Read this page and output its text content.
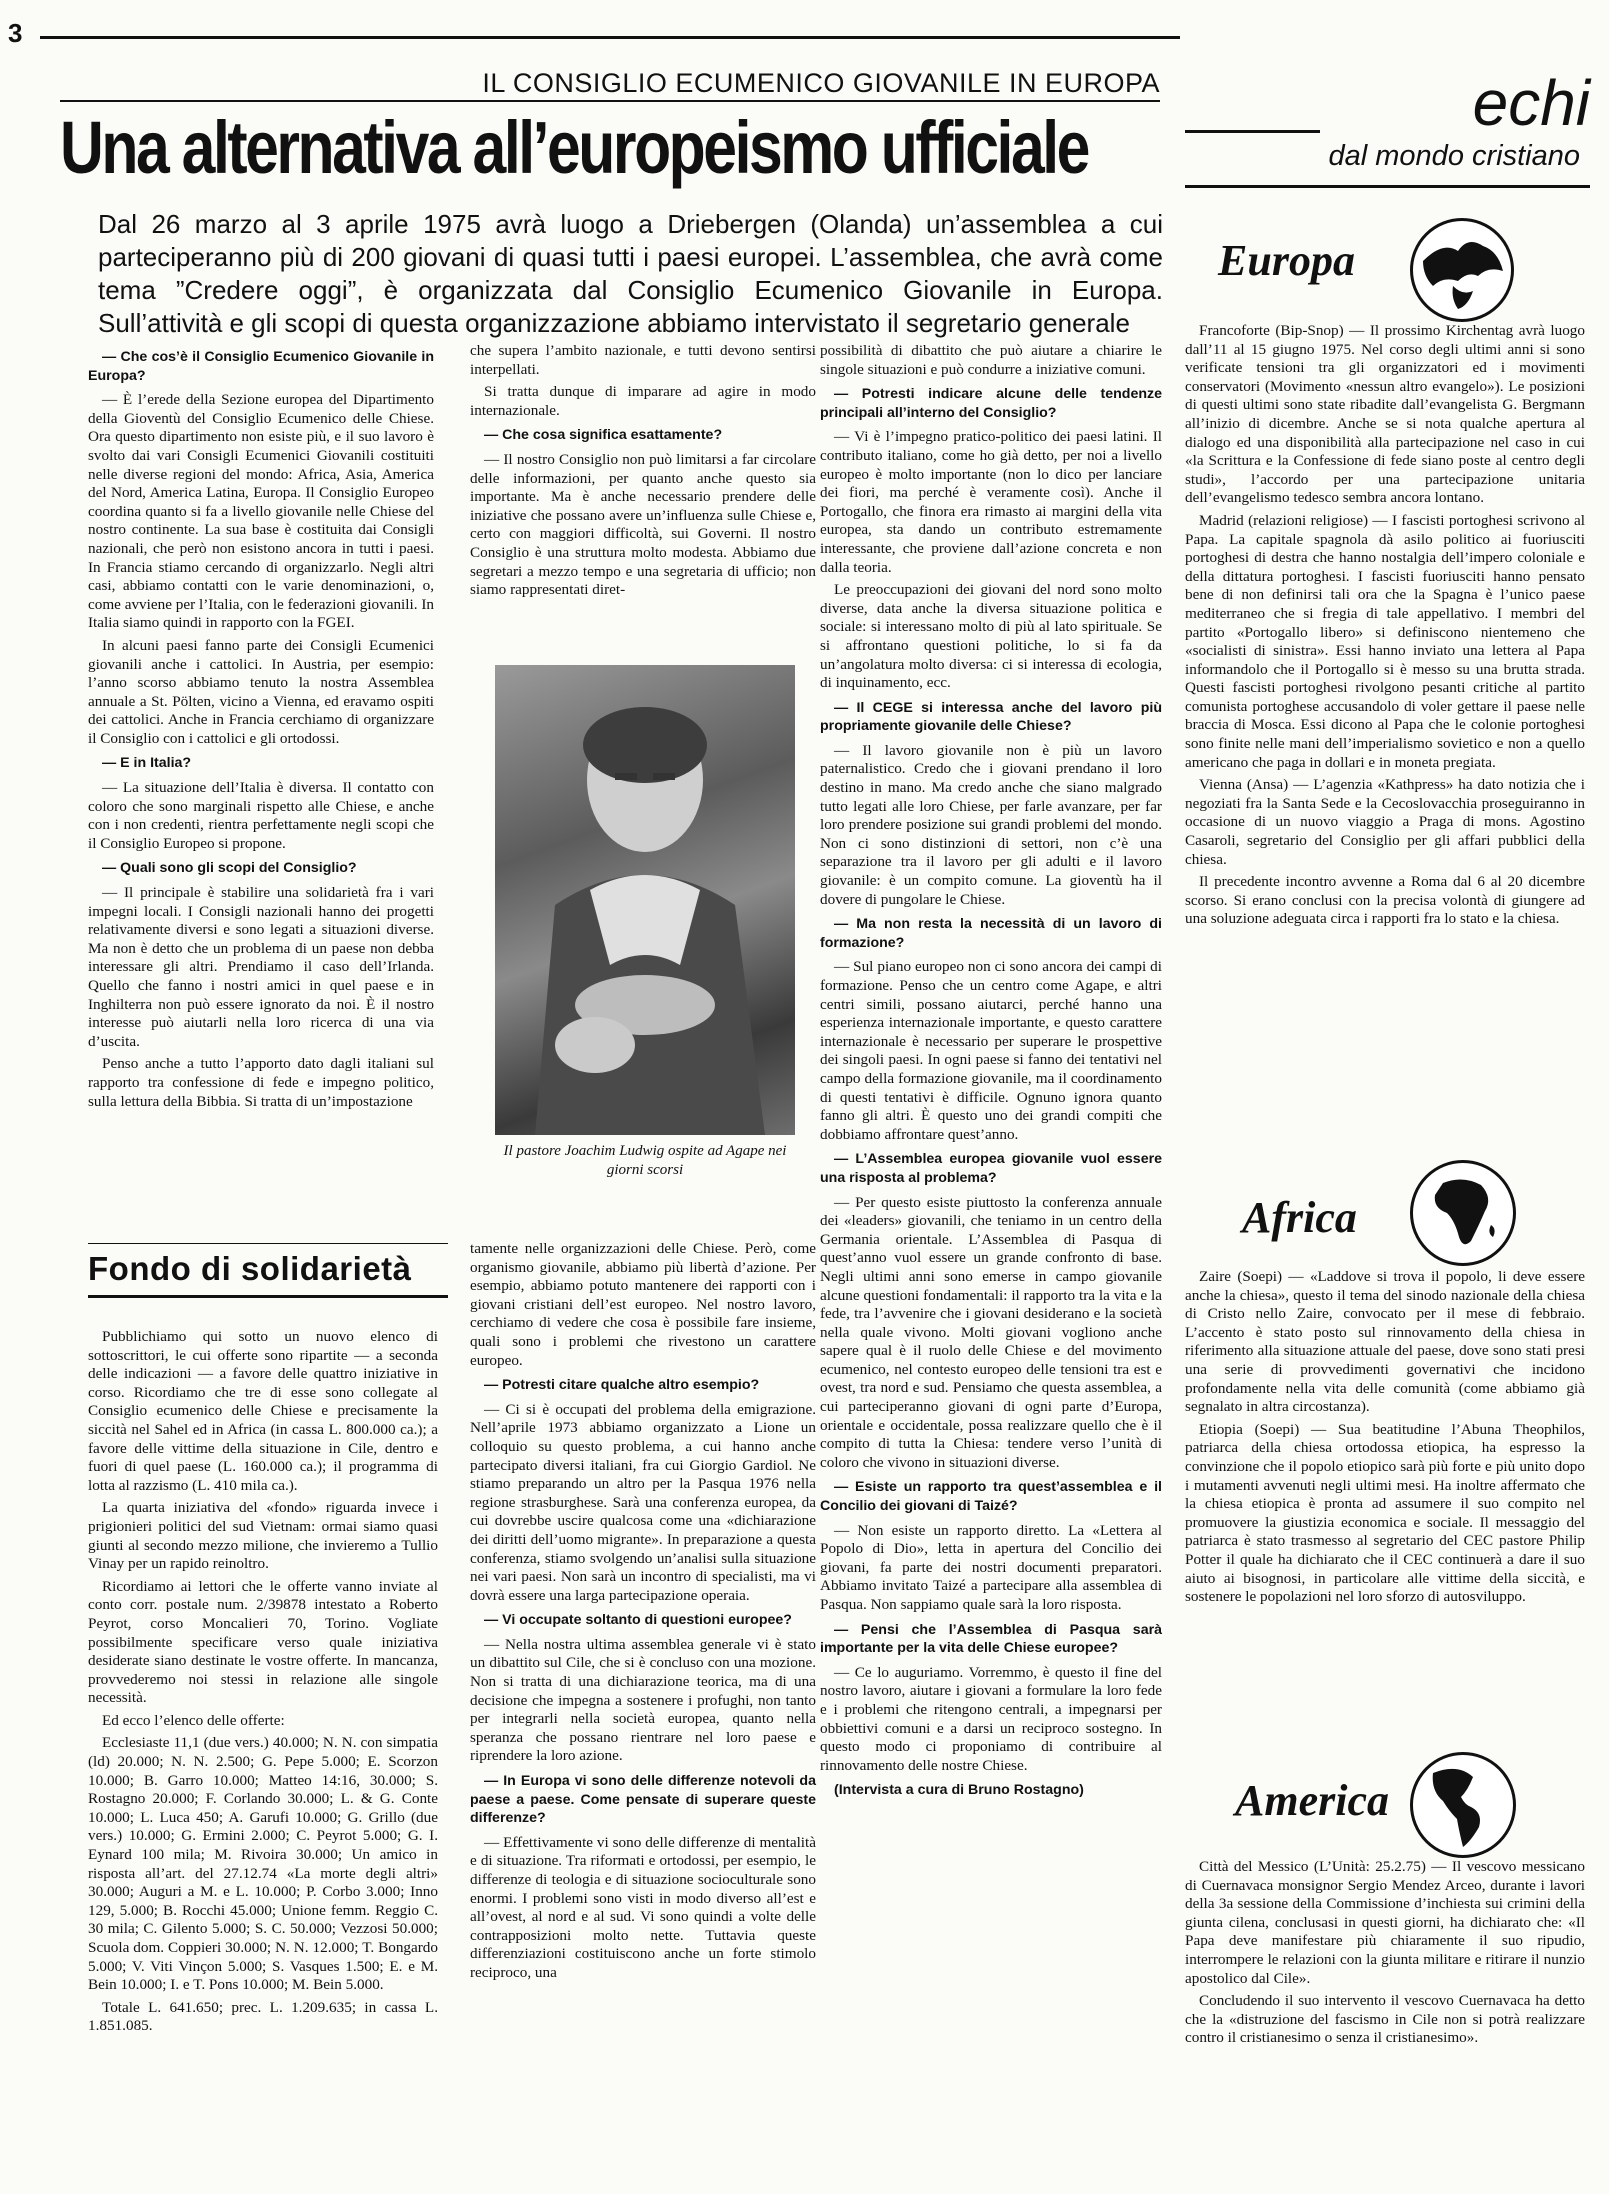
3
IL CONSIGLIO ECUMENICO GIOVANILE IN EUROPA
Una alternativa all’europeismo ufficiale
Dal 26 marzo al 3 aprile 1975 avrà luogo a Driebergen (Olanda) un’assemblea a cui parteciperanno più di 200 giovani di quasi tutti i paesi europei. L’assemblea, che avrà come tema ”Credere oggi”, è organizzata dal Consiglio Ecumenico Giovanile in Europa. Sull’attività e gli scopi di questa organizzazione abbiamo intervistato il segretario generale

— Che cos’è il Consiglio Ecumenico Giovanile in Europa?

— È l’erede della Sezione europea del Dipartimento della Gioventù del Consiglio Ecumenico delle Chiese. Ora questo dipartimento non esiste più, e il suo lavoro è svolto dai vari Consigli Ecumenici Giovanili costituiti nelle diverse regioni del mondo: Africa, Asia, America del Nord, America Latina, Europa. Il Consiglio Europeo coordina quanto si fa a livello giovanile nelle Chiese del nostro continente. La sua base è costituita dai Consigli nazionali, che però non esistono ancora in tutti i paesi. In Francia stiamo cercando di organizzarlo. Negli altri casi, abbiamo contatti con le varie denominazioni, o, come avviene per l’Italia, con le federazioni giovanili. In Italia siamo quindi in rapporto con la FGEI.

In alcuni paesi fanno parte dei Consigli Ecumenici giovanili anche i cattolici. In Austria, per esempio: l’anno scorso abbiamo tenuto la nostra Assemblea annuale a St. Pölten, vicino a Vienna, ed eravamo ospiti dei cattolici. Anche in Francia cerchiamo di organizzare il Consiglio con i cattolici e gli ortodossi.

— E in Italia?

— La situazione dell’Italia è diversa. Il contatto con coloro che sono marginali rispetto alle Chiese, e anche con i non credenti, rientra perfettamente negli scopi che il Consiglio Europeo si propone.

— Quali sono gli scopi del Consiglio?

— Il principale è stabilire una solidarietà fra i vari impegni locali. I Consigli nazionali hanno dei progetti relativamente diversi e sono legati a situazioni diverse. Ma non è detto che un problema di un paese non debba interessare gli altri. Prendiamo il caso dell’Irlanda. Quello che fanno i nostri amici in quel paese e in Inghilterra non può essere ignorato da noi. È il nostro interesse può aiutarli nella loro ricerca di una via d’uscita.

Penso anche a tutto l’apporto dato dagli italiani sul rapporto tra confessione di fede e impegno politico, sulla lettura della Bibbia. Si tratta di un’impostazione

che supera l’ambito nazionale, e tutti devono sentirsi interpellati.

Si tratta dunque di imparare ad agire in modo internazionale.

— Che cosa significa esattamente?

— Il nostro Consiglio non può limitarsi a far circolare delle informazioni, per quanto anche questo sia importante. Ma è anche necessario prendere delle iniziative che possano avere un’influenza sulle Chiese e, certo con maggiori difficoltà, sui Governi. Il nostro Consiglio è una struttura molto modesta. Abbiamo due segretari a mezzo tempo e una segretaria di ufficio; non siamo rappresentati diret-

Il pastore Joachim Ludwig ospite ad Agape nei giorni scorsi

tamente nelle organizzazioni delle Chiese. Però, come organismo giovanile, abbiamo più libertà d’azione. Per esempio, abbiamo potuto mantenere dei rapporti con i giovani cristiani dell’est europeo. Nel nostro lavoro, cerchiamo di vedere che cosa è possibile fare insieme, quali sono i problemi che rivestono un carattere europeo.

— Potresti citare qualche altro esempio?

— Ci si è occupati del problema della emigrazione. Nell’aprile 1973 abbiamo organizzato a Lione un colloquio su questo problema, a cui hanno anche partecipato diversi italiani, fra cui Giorgio Gardiol. Ne stiamo preparando un altro per la Pasqua 1976 nella regione strasburghese. Sarà una conferenza europea, da cui dovrebbe uscire qualcosa come una «dichiarazione dei diritti dell’uomo migrante». In preparazione a questa conferenza, stiamo svolgendo un’analisi sulla situazione nei vari paesi. Non sarà un incontro di specialisti, ma vi dovrà essere una larga partecipazione operaia.

— Vi occupate soltanto di questioni europee?

— Nella nostra ultima assemblea generale vi è stato un dibattito sul Cile, che si è concluso con una mozione. Non si tratta di una dichiarazione teorica, ma di una decisione che impegna a sostenere i profughi, non tanto per integrarli nella società europea, quanto nella speranza che possano rientrare nel loro paese e riprendere la loro azione.

— In Europa vi sono delle differenze notevoli da paese a paese. Come pensate di superare queste differenze?

— Effettivamente vi sono delle differenze di mentalità e di situazione. Tra riformati e ortodossi, per esempio, le differenze di teologia e di situazione socioculturale sono enormi. I problemi sono visti in modo diverso all’est e all’ovest, al nord e al sud. Vi sono quindi a volte delle contrapposizioni molto nette. Tuttavia queste differenziazioni costituiscono anche un forte stimolo reciproco, una

possibilità di dibattito che può aiutare a chiarire le singole situazioni e può condurre a iniziative comuni.

— Potresti indicare alcune delle tendenze principali all’interno del Consiglio?

— Vi è l’impegno pratico-politico dei paesi latini. Il contributo italiano, come ho già detto, per noi a livello europeo è molto importante (non lo dico per lanciare dei fiori, ma perché è veramente così). Anche il Portogallo, che finora era rimasto ai margini della vita europea, sta dando un contributo estremamente interessante, che proviene dall’azione concreta e non dalla teoria.

Le preoccupazioni dei giovani del nord sono molto diverse, data anche la diversa situazione politica e sociale: si interessano molto di più al lato spirituale. Se si affrontano questioni politiche, lo si fa da un’angolatura molto diversa: ci si interessa di ecologia, di inquinamento, ecc.

— Il CEGE si interessa anche del lavoro più propriamente giovanile delle Chiese?

— Il lavoro giovanile non è più un lavoro paternalistico. Credo che i giovani prendano il loro destino in mano. Ma credo anche che siano malgrado tutto legati alle loro Chiese, per farle avanzare, per far loro prendere posizione sui grandi problemi del mondo. Non ci sono distinzioni di settori, non c’è una separazione tra il lavoro per gli adulti e il lavoro giovanile: è un compito comune. La gioventù ha il dovere di pungolare le Chiese.

— Ma non resta la necessità di un lavoro di formazione?

— Sul piano europeo non ci sono ancora dei campi di formazione. Penso che un centro come Agape, e altri centri simili, possano aiutarci, perché hanno una esperienza internazionale importante, e questo carattere internazionale è necessario per superare le prospettive dei singoli paesi. In ogni paese si fanno dei tentativi nel campo della formazione giovanile, ma il coordinamento di questi tentativi è difficile. Ognuno ignora quanto fanno gli altri. È questo uno dei grandi compiti che dobbiamo affrontare quest’anno.

— L’Assemblea europea giovanile vuol essere una risposta al problema?

— Per questo esiste piuttosto la conferenza annuale dei «leaders» giovanili, che teniamo in un centro della Germania orientale. L’Assemblea di Pasqua di quest’anno vuol essere un grande confronto di base. Negli ultimi anni sono emerse in campo giovanile alcune questioni fondamentali: il rapporto tra la vita e la fede, tra l’avvenire che i giovani desiderano e la società nella quale vivono. Molti giovani vogliono anche sapere qual è il ruolo delle Chiese e del movimento ecumenico, nel contesto europeo delle tensioni tra est e ovest, tra nord e sud. Pensiamo che questa assemblea, a cui parteciperanno giovani di ogni parte d’Europa, orientale e occidentale, possa realizzare quello che è il compito di tutta la Chiesa: tendere verso l’unità di coloro che vivono in situazioni diverse.

— Esiste un rapporto tra quest’assemblea e il Concilio dei giovani di Taizé?

— Non esiste un rapporto diretto. La «Lettera al Popolo di Dio», letta in apertura del Concilio dei giovani, fa parte dei nostri documenti preparatori. Abbiamo invitato Taizé a partecipare alla assemblea di Pasqua. Non sappiamo quale sarà la loro risposta.

— Pensi che l’Assemblea di Pasqua sarà importante per la vita delle Chiese europee?

— Ce lo auguriamo. Vorremmo, è questo il fine del nostro lavoro, aiutare i giovani a formulare la loro fede e i problemi che ritengono centrali, a impegnarsi per obbiettivi comuni e a darsi un reciproco sostegno. In questo modo ci proponiamo di contribuire al rinnovamento delle nostre Chiese.

(Intervista a cura di Bruno Rostagno)

Fondo di solidarietà

Pubblichiamo qui sotto un nuovo elenco di sottoscrittori, le cui offerte sono ripartite — a seconda delle indicazioni — a favore delle quattro iniziative in corso. Ricordiamo che tre di esse sono collegate al Consiglio ecumenico delle Chiese e precisamente la siccità nel Sahel ed in Africa (in cassa L. 800.000 ca.); a favore delle vittime della situazione in Cile, dentro e fuori di quel paese (L. 160.000 ca.); il programma di lotta al razzismo (L. 410 mila ca.).

La quarta iniziativa del «fondo» riguarda invece i prigionieri politici del sud Vietnam: ormai siamo quasi giunti al secondo mezzo milione, che invieremo a Tullio Vinay per un rapido reinoltro.

Ricordiamo ai lettori che le offerte vanno inviate al conto corr. postale num. 2/39878 intestato a Roberto Peyrot, corso Moncalieri 70, Torino. Vogliate possibilmente specificare verso quale iniziativa desiderate siano destinate le vostre offerte. In mancanza, provvederemo noi stessi in relazione alle singole necessità.

Ed ecco l’elenco delle offerte:

Ecclesiaste 11,1 (due vers.) 40.000; N. N. con simpatia (ld) 20.000; N. N. 2.500; G. Pepe 5.000; E. Scorzon 10.000; B. Garro 10.000; Matteo 14:16, 30.000; S. Rostagno 20.000; F. Corlando 30.000; L. & G. Conte 10.000; L. Luca 450; A. Garufi 10.000; G. Grillo (due vers.) 10.000; G. Ermini 2.000; C. Peyrot 5.000; G. I. Eynard 100 mila; M. Rivoira 30.000; Un amico in risposta all’art. del 27.12.74 «La morte degli altri» 30.000; Auguri a M. e L. 10.000; P. Corbo 3.000; Inno 129, 5.000; B. Rocchi 45.000; Unione femm. Reggio C. 30 mila; C. Gilento 5.000; S. C. 50.000; Vezzosi 50.000; Scuola dom. Coppieri 30.000; N. N. 12.000; T. Bongardo 5.000; V. Viti Vinçon 5.000; S. Vasques 1.500; E. e M. Bein 10.000; I. e T. Pons 10.000; M. Bein 5.000.

Totale L. 641.650; prec. L. 1.209.635; in cassa L. 1.851.085.

echi
dal mondo cristiano
Europa

Francoforte (Bip-Snop) — Il prossimo Kirchentag avrà luogo dall’11 al 15 giugno 1975. Nel corso degli ultimi anni si sono verificate tensioni tra gli organizzatori ed i movimenti conservatori (Movimento «nessun altro evangelo»). Le posizioni di questi ultimi sono state ribadite dall’evangelista G. Bergmann all’inizio di dicembre. Anche se si nota qualche apertura al dialogo ed una disponibilità alla partecipazione nel caso in cui «la Scrittura e la Confessione di fede siano poste al centro degli studi», l’accordo per una partecipazione unitaria dell’evangelismo tedesco sembra ancora lontano.

Madrid (relazioni religiose) — I fascisti portoghesi scrivono al Papa. La capitale spagnola dà asilo politico ai fuoriusciti portoghesi di destra che hanno nostalgia dell’impero coloniale e della dittatura portoghesi. I fascisti fuoriusciti hanno pensato bene di non definirsi tali ora che la Spagna è l’unico paese mediterraneo che si fregia di tale appellativo. I membri del partito «Portogallo libero» si definiscono nientemeno che «socialisti di sinistra». Essi hanno inviato una lettera al Papa informandolo che il Portogallo si è messo su una brutta strada. Questi fascisti portoghesi rivolgono pesanti critiche al partito comunista portoghese accusandolo di voler gettare il paese nelle braccia di Mosca. Essi dicono al Papa che le colonie portoghesi sono finite nelle mani dell’imperialismo sovietico e non a quello americano che paga in dollari e in moneta pregiata.

Vienna (Ansa) — L’agenzia «Kathpress» ha dato notizia che i negoziati fra la Santa Sede e la Cecoslovacchia proseguiranno in occasione di un nuovo viaggio a Praga di mons. Agostino Casaroli, segretario del Consiglio per gli affari pubblici della chiesa.

Il precedente incontro avvenne a Roma dal 6 al 20 dicembre scorso. Si erano conclusi con la precisa volontà di giungere ad una soluzione adeguata circa i rapporti fra lo stato e la chiesa.

Africa

Zaire (Soepi) — «Laddove si trova il popolo, li deve essere anche la chiesa», questo il tema del sinodo nazionale della chiesa di Cristo nello Zaire, convocato per il mese di febbraio. L’accento è stato posto sul rinnovamento della chiesa in riferimento alla situazione attuale del paese, dove sono stati presi una serie di provvedimenti governativi che incidono profondamente nella vita delle comunità (come abbiamo già segnalato in altra circostanza).

Etiopia (Soepi) — Sua beatitudine l’Abuna Theophilos, patriarca della chiesa ortodossa etiopica, ha espresso la convinzione che il popolo etiopico sarà più forte e più unito dopo i mutamenti avvenuti negli ultimi mesi. Ha inoltre affermato che la chiesa etiopica è pronta ad assumere il suo compito nel promuovere la giustizia economica e sociale. Il messaggio del patriarca è stato trasmesso al segretario del CEC pastore Philip Potter il quale ha dichiarato che il CEC continuerà a dare il suo aiuto ai bisognosi, in particolare alle vittime della siccità, e sostenere le popolazioni nel loro sforzo di autosviluppo.

America

Città del Messico (L’Unità: 25.2.75) — Il vescovo messicano di Cuernavaca monsignor Sergio Mendez Arceo, durante i lavori della 3a sessione della Commissione d’inchiesta sui crimini della giunta cilena, conclusasi in questi giorni, ha dichiarato che: «Il Papa deve manifestare più chiaramente il suo ripudio, interrompere le relazioni con la giunta militare e ritirare il nunzio apostolico dal Cile».

Concludendo il suo intervento il vescovo Cuernavaca ha detto che la «distruzione del fascismo in Cile non si potrà realizzare contro il cristianesimo o senza il cristianesimo».
